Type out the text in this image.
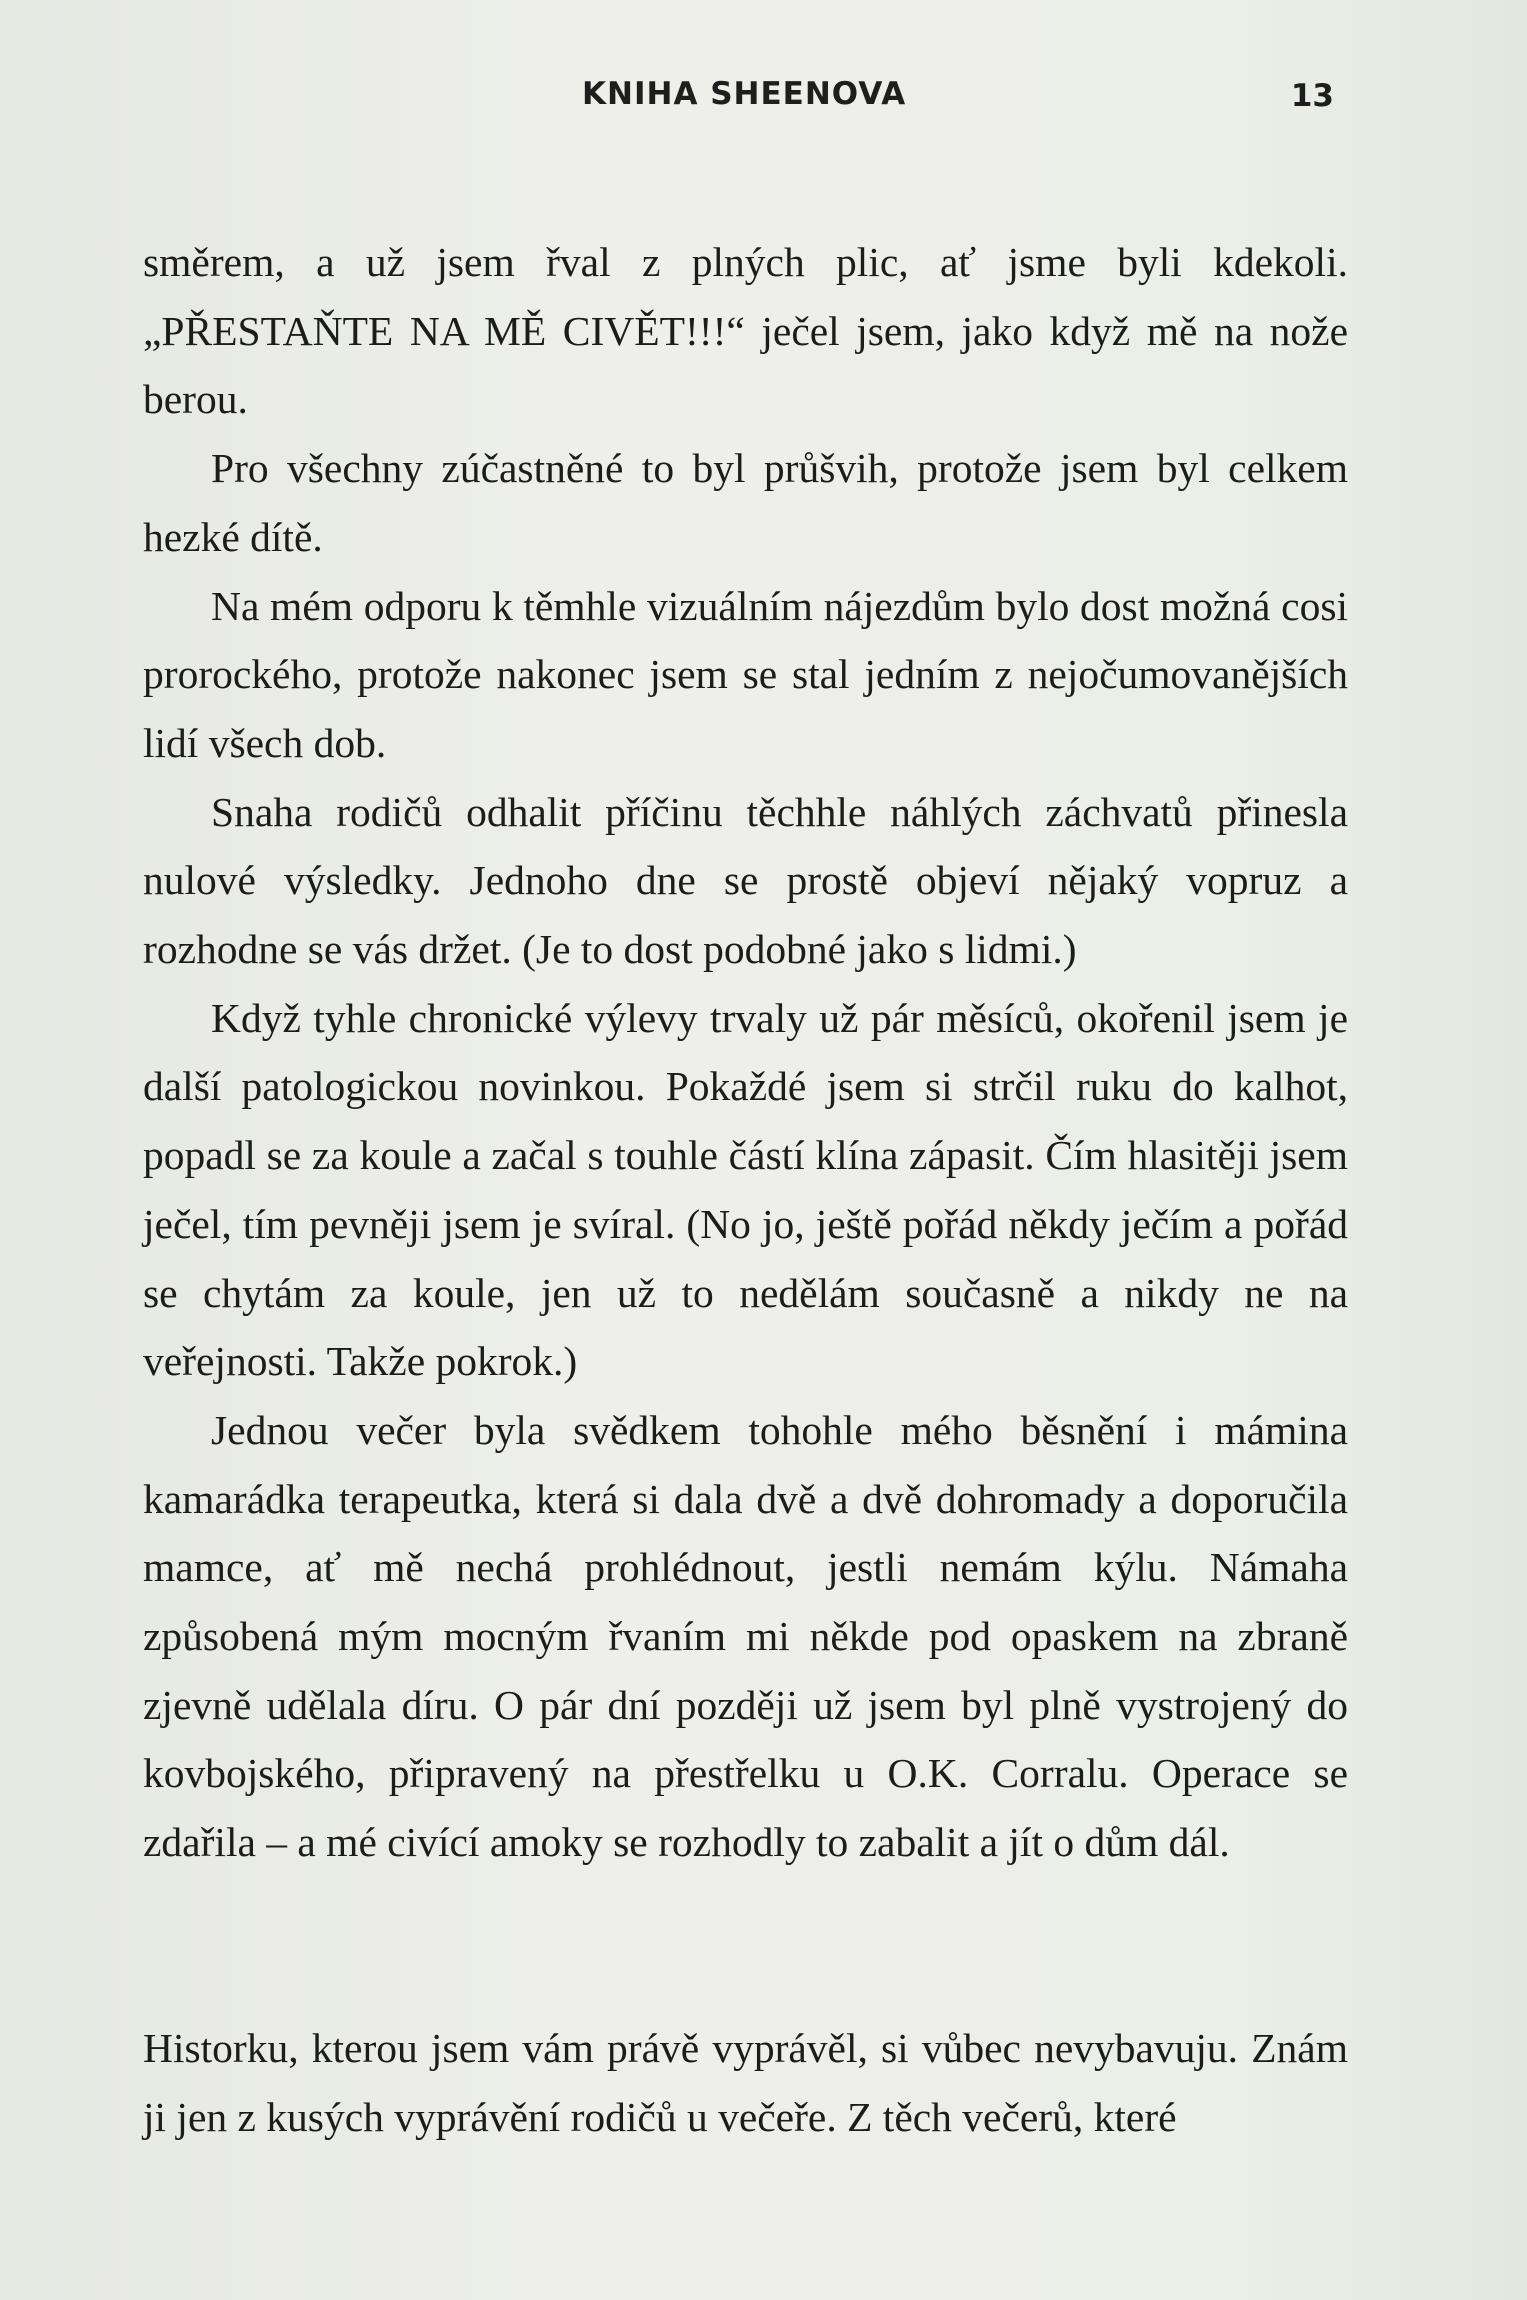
KNIHA SHEENOVA	13

směrem, a už jsem řval z plných plic, ať jsme byli kdekoli. „PŘESTAŇTE NA MĚ CIVĚT!!!“ ječel jsem, jako když mě na nože berou.

Pro všechny zúčastněné to byl průšvih, protože jsem byl celkem hezké dítě.

Na mém odporu k těmhle vizuálním nájezdům bylo dost možná cosi prorockého, protože nakonec jsem se stal jedním z nejočumovanějších lidí všech dob.

Snaha rodičů odhalit příčinu těchhle náhlých záchvatů přinesla nulové výsledky. Jednoho dne se prostě objeví nějaký vopruz a rozhodne se vás držet. (Je to dost podobné jako s lidmi.)

Když tyhle chronické výlevy trvaly už pár měsíců, okořenil jsem je další patologickou novinkou. Pokaždé jsem si strčil ruku do kalhot, popadl se za koule a začal s touhle částí klína zápasit. Čím hlasitěji jsem ječel, tím pevněji jsem je svíral. (No jo, ještě pořád někdy ječím a pořád se chytám za koule, jen už to nedělám současně a nikdy ne na veřejnosti. Takže pokrok.)

Jednou večer byla svědkem tohohle mého běsnění i mámina kamarádka terapeutka, která si dala dvě a dvě dohromady a doporučila mamce, ať mě nechá prohlédnout, jestli nemám kýlu. Námaha způsobená mým mocným řvaním mi někde pod opaskem na zbraně zjevně udělala díru. O pár dní později už jsem byl plně vystrojený do kovbojského, připravený na přestřelku u O.K. Corralu. Operace se zdařila – a mé civící amoky se rozhodly to zabalit a jít o dům dál.

Historku, kterou jsem vám právě vyprávěl, si vůbec nevybavuju. Znám ji jen z kusých vyprávění rodičů u večeře. Z těch večerů, které
